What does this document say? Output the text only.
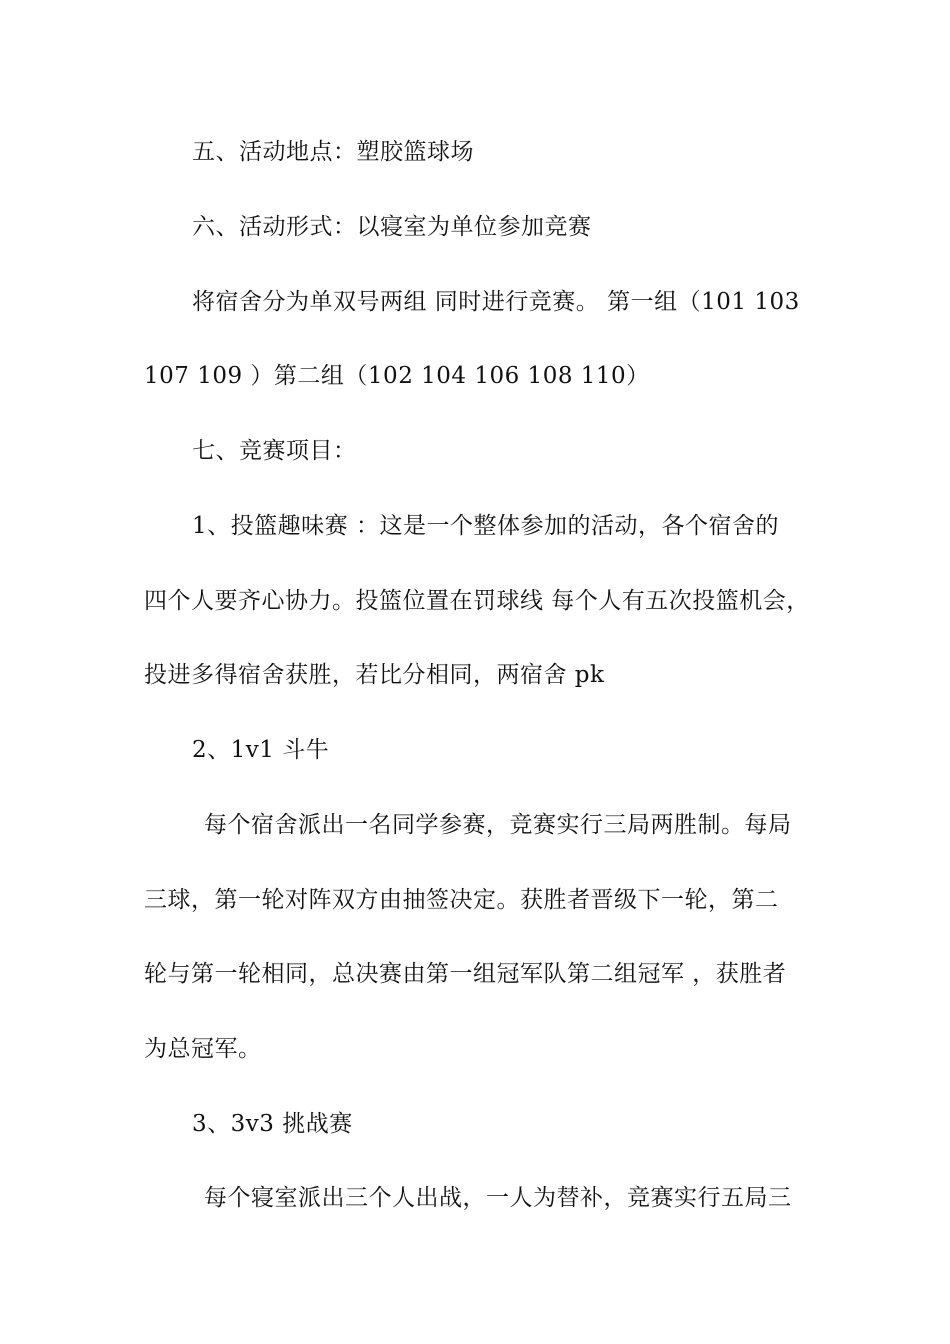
五、活动地点：塑胶篮球场
六、活动形式：以寝室为单位参加竞赛
将宿舍分为单双号两组 同时进行竞赛。 第一组（101 103
107 109 ）第二组（102 104 106 108 110）
七、竞赛项目：
1、投篮趣味赛 ：这是一个整体参加的活动，各个宿舍的
四个人要齐心协力。投篮位置在罚球线 每个人有五次投篮机会，
投进多得宿舍获胜，若比分相同，两宿舍 pk
2、1v1 斗牛
每个宿舍派出一名同学参赛，竞赛实行三局两胜制。每局
三球，第一轮对阵双方由抽签决定。获胜者晋级下一轮，第二
轮与第一轮相同，总决赛由第一组冠军队第二组冠军 ，获胜者
为总冠军。
3、3v3 挑战赛
每个寝室派出三个人出战，一人为替补，竞赛实行五局三
